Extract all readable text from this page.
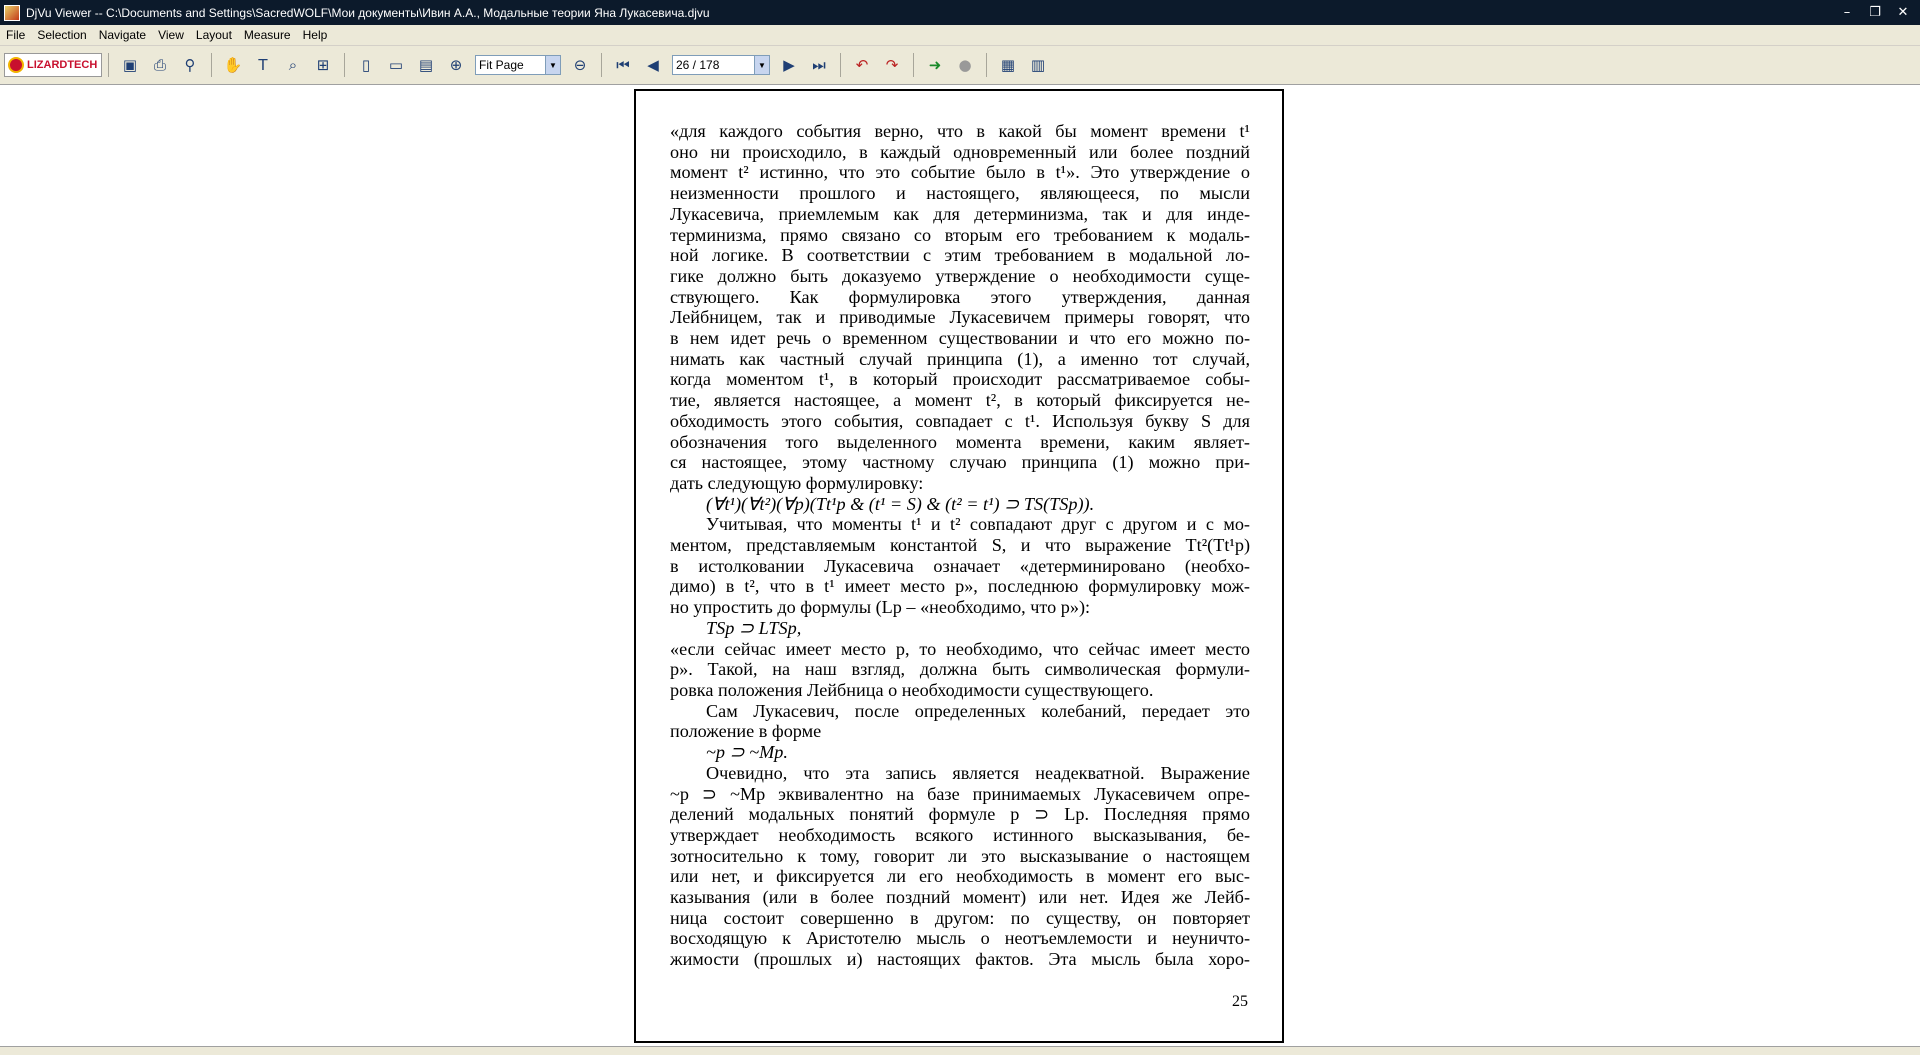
DjVu Viewer -- C:\Documents and Settings\SacredWOLF\Мои документы\Ивин А.А., Модальные теории Яна Лукасевича.djvu	–	❐	✕
File	Selection	Navigate	View	Layout	Measure	Help
LIZARDTECH	▣	⎙	⚲	✋	T	⌕	⊞	▯	▭	▤	⊕	Fit Page	▼	⊖	⏮	◀	26 / 178	▼	▶	⏭	↶	↷	➜	●	▦	▥
«для каждого события верно, что в какой бы момент времени t¹
оно ни происходило, в каждый одновременный или более поздний
момент t² истинно, что это событие было в t¹». Это утверждение о
неизменности прошлого и настоящего, являющееся, по мысли
Лукасевича, приемлемым как для детерминизма, так и для инде-
терминизма, прямо связано со вторым его требованием к модаль-
ной логике. В соответствии с этим требованием в модальной ло-
гике должно быть доказуемо утверждение о необходимости суще-
ствующего. Как формулировка этого утверждения, данная
Лейбницем, так и приводимые Лукасевичем примеры говорят, что
в нем идет речь о временном существовании и что его можно по-
нимать как частный случай принципа (1), а именно тот случай,
когда моментом t¹, в который происходит рассматриваемое собы-
тие, является настоящее, а момент t², в который фиксируется не-
обходимость этого события, совпадает с t¹. Используя букву S для
обозначения того выделенного момента времени, каким являет-
ся настоящее, этому частному случаю принципа (1) можно при-
дать следующую формулировку:
(∀t¹)(∀t²)(∀p)(Tt¹p & (t¹ = S) & (t² = t¹) ⊃ TS(TSp)).
Учитывая, что моменты t¹ и t² совпадают друг с другом и с мо-
ментом, представляемым константой S, и что выражение Tt²(Tt¹p)
в истолковании Лукасевича означает «детерминировано (необхо-
димо) в t², что в t¹ имеет место p», последнюю формулировку мож-
но упростить до формулы (Lp – «необходимо, что p»):
TSp ⊃ LTSp,
«если сейчас имеет место p, то необходимо, что сейчас имеет место
p». Такой, на наш взгляд, должна быть символическая формули-
ровка положения Лейбница о необходимости существующего.
Сам Лукасевич, после определенных колебаний, передает это
положение в форме
~p ⊃ ~Mp.
Очевидно, что эта запись является неадекватной. Выражение
~p ⊃ ~Mp эквивалентно на базе принимаемых Лукасевичем опре-
делений модальных понятий формуле p ⊃ Lp. Последняя прямо
утверждает необходимость всякого истинного высказывания, бе-
зотносительно к тому, говорит ли это высказывание о настоящем
или нет, и фиксируется ли его необходимость в момент его выс-
казывания (или в более поздний момент) или нет. Идея же Лейб-
ница состоит совершенно в другом: по существу, он повторяет
восходящую к Аристотелю мысль о неотъемлемости и неуничто-
жимости (прошлых и) настоящих фактов. Эта мысль была хоро-
25
